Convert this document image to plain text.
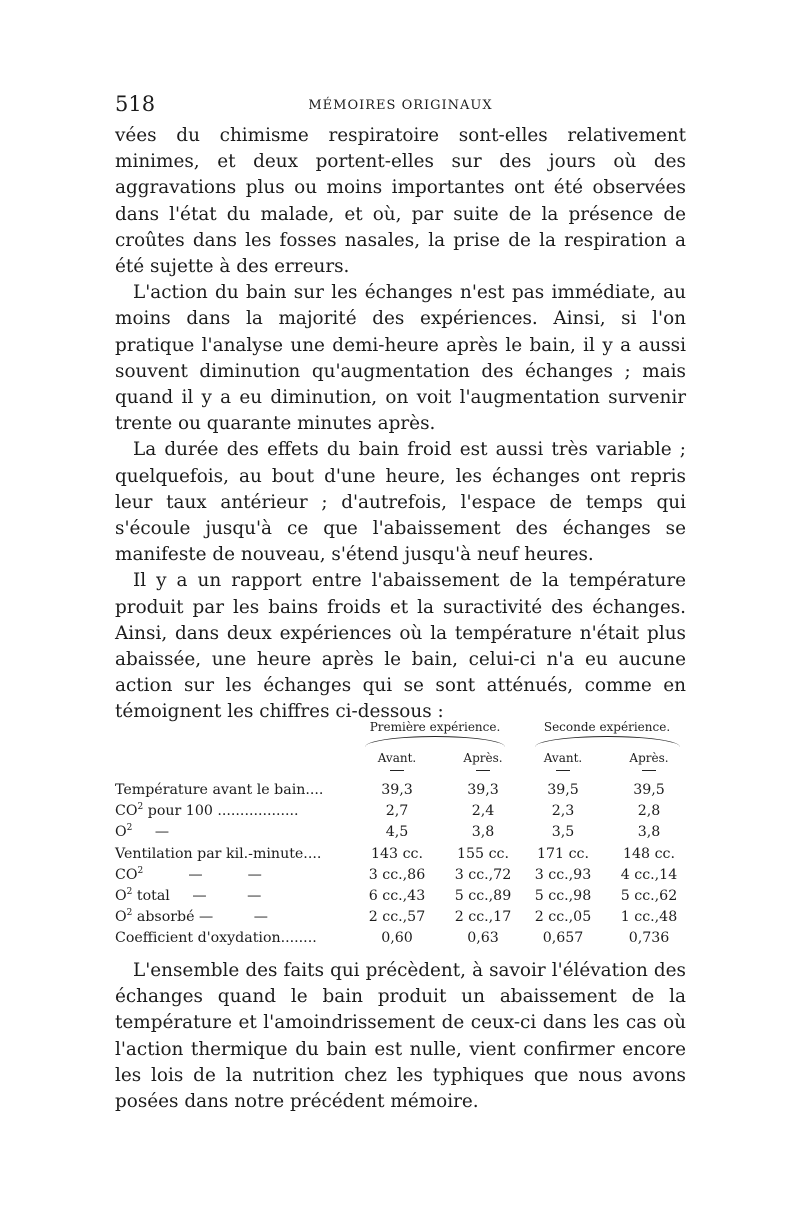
518	MÉMOIRES ORIGINAUX

vées du chimisme respiratoire sont-elles relativement minimes, et deux portent-elles sur des jours où des aggravations plus ou moins importantes ont été observées dans l'état du malade, et où, par suite de la présence de croûtes dans les fosses nasales, la prise de la respiration a été sujette à des erreurs.

L'action du bain sur les échanges n'est pas immédiate, au moins dans la majorité des expériences. Ainsi, si l'on pratique l'analyse une demi-heure après le bain, il y a aussi souvent diminution qu'augmentation des échanges ; mais quand il y a eu diminution, on voit l'augmentation survenir trente ou quarante minutes après.

La durée des effets du bain froid est aussi très variable ; quelquefois, au bout d'une heure, les échanges ont repris leur taux antérieur ; d'autrefois, l'espace de temps qui s'écoule jusqu'à ce que l'abaissement des échanges se manifeste de nouveau, s'étend jusqu'à neuf heures.

Il y a un rapport entre l'abaissement de la température produit par les bains froids et la suractivité des échanges. Ainsi, dans deux expériences où la température n'était plus abaissée, une heure après le bain, celui-ci n'a eu aucune action sur les échanges qui se sont atténués, comme en témoignent les chiffres ci-dessous :

Première expérience.	Seconde expérience.
Avant.	Après.	Avant.	Après.
Température avant le bain....	39,3	39,3	39,5	39,5
$CO^2$ pour 100 ..................	2,7	2,4	2,3	2,8
$O^2$     —	4,5	3,8	3,5	3,8
Ventilation par kil.-minute....	143 cc.	155 cc.	171 cc.	148 cc.
$CO^2$          —          —	3 cc.,86	3 cc.,72	3 cc.,93	4 cc.,14
$O^2$ total     —         —	6 cc.,43	5 cc.,89	5 cc.,98	5 cc.,62
$O^2$ absorbé —         —	2 cc.,57	2 cc.,17	2 cc.,05	1 cc.,48
Coefficient d'oxydation........	0,60	0,63	0,657	0,736

L'ensemble des faits qui précèdent, à savoir l'élévation des échanges quand le bain produit un abaissement de la température et l'amoindrissement de ceux-ci dans les cas où l'action thermique du bain est nulle, vient confirmer encore les lois de la nutrition chez les typhiques que nous avons posées dans notre précédent mémoire.
